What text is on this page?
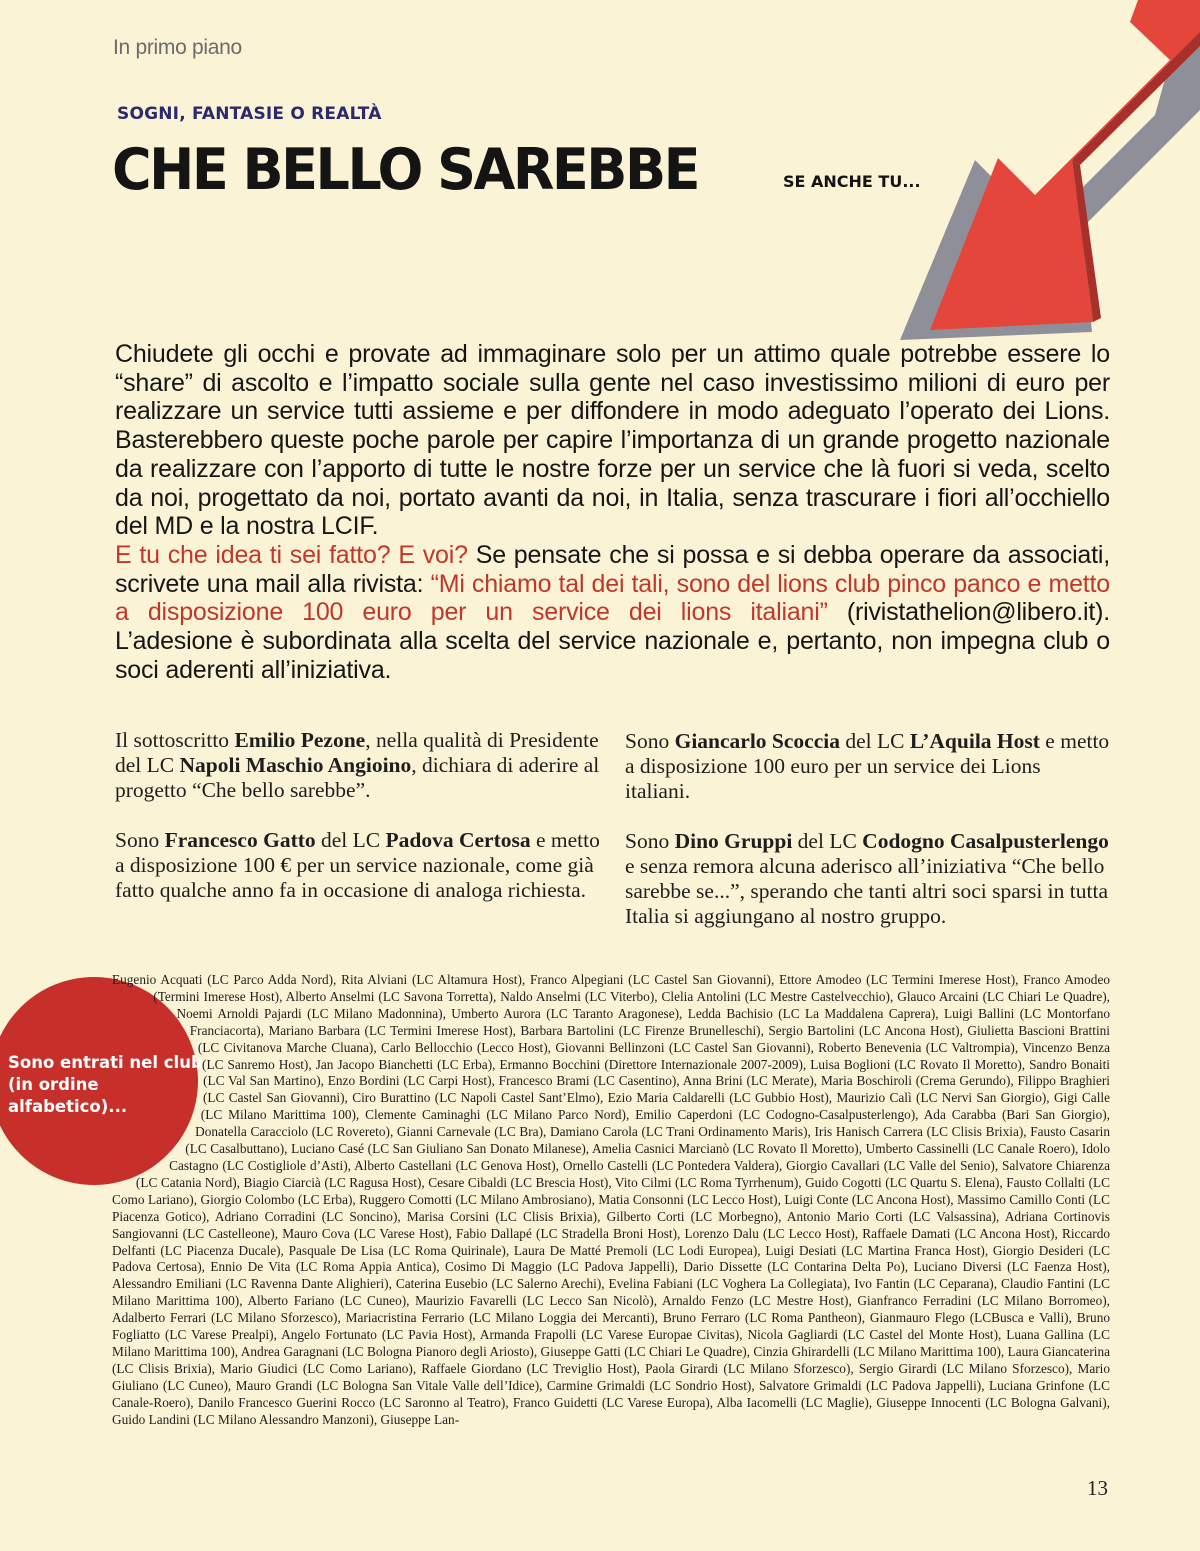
In primo piano
SOGNI, FANTASIE O REALTÀ
CHE BELLO SAREBBE	SE ANCHE TU...

Chiudete gli occhi e provate ad immaginare solo per un attimo quale potrebbe essere lo “share” di ascolto e l’impatto sociale sulla gente nel caso investissimo milioni di euro per realizzare un service tutti assieme e per diffondere in modo adeguato l’operato dei Lions. Basterebbero queste poche parole per capire l’importanza di un grande progetto nazionale da realizzare con l’apporto di tutte le nostre forze per un service che là fuori si veda, scelto da noi, progettato da noi, portato avanti da noi, in Italia, senza trascurare i fiori all’occhiello del MD e la nostra LCIF.
E tu che idea ti sei fatto? E voi? Se pensate che si possa e si debba operare da associati, scrivete una mail alla rivista: “Mi chiamo tal dei tali, sono del lions club pinco panco e metto a disposizione 100 euro per un service dei lions italiani” (rivistathelion@libero.it). L’adesione è subordinata alla scelta del service nazionale e, pertanto, non impegna club o soci aderenti all’iniziativa.

Il sottoscritto Emilio Pezone, nella qualità di Presidente del LC Napoli Maschio Angioino, dichiara di aderire al progetto “Che bello sarebbe”.

Sono Francesco Gatto del LC Padova Certosa e metto a disposizione 100 € per un service nazionale, come già fatto qualche anno fa in occasione di analoga richiesta.

Sono Giancarlo Scoccia del LC L’Aquila Host e metto a disposizione 100 euro per un service dei Lions italiani.

Sono Dino Gruppi del LC Codogno Casalpusterlengo e senza remora alcuna aderisco all’iniziativa “Che bello sarebbe se...”, sperando che tanti altri soci sparsi in tutta Italia si aggiungano al nostro gruppo.

Sono entrati nel club (in ordine alfabetico)...
Eugenio Acquati (LC Parco Adda Nord), Rita Alviani (LC Altamura Host), Franco Alpegiani (LC Castel San Giovanni), Ettore Amodeo (LC Termini Imerese Host), Franco Amodeo (Termini Imerese Host), Alberto Anselmi (LC Savona Torretta), Naldo Anselmi (LC Viterbo), Clelia Antolini (LC Mestre Castelvecchio), Glauco Arcaini (LC Chiari Le Quadre), Noemi Arnoldi Pajardi (LC Milano Madonnina), Umberto Aurora (LC Taranto Aragonese), Ledda Bachisio (LC La Maddalena Caprera), Luigi Ballini (LC Montorfano Franciacorta), Mariano Barbara (LC Termini Imerese Host), Barbara Bartolini (LC Firenze Brunelleschi), Sergio Bartolini (LC Ancona Host), Giulietta Bascioni Brattini (LC Civitanova Marche Cluana), Carlo Bellocchio (Lecco Host), Giovanni Bellinzoni (LC Castel San Giovanni), Roberto Benevenia (LC Valtrompia), Vincenzo Benza (LC Sanremo Host), Jan Jacopo Bianchetti (LC Erba), Ermanno Bocchini (Direttore Internazionale 2007-2009), Luisa Boglioni (LC Rovato Il Moretto), Sandro Bonaiti (LC Val San Martino), Enzo Bordini (LC Carpi Host), Francesco Brami (LC Casentino), Anna Brini (LC Merate), Maria Boschiroli (Crema Gerundo), Filippo Braghieri (LC Castel San Giovanni), Ciro Burattino (LC Napoli Castel Sant’Elmo), Ezio Maria Caldarelli (LC Gubbio Host), Maurizio Calì (LC Nervi San Giorgio), Gigi Calle (LC Milano Marittima 100), Clemente Caminaghi (LC Milano Parco Nord), Emilio Caperdoni (LC Codogno-Casalpusterlengo), Ada Carabba (Bari San Giorgio), Donatella Caracciolo (LC Rovereto), Gianni Carnevale (LC Bra), Damiano Carola (LC Trani Ordinamento Maris), Iris Hanisch Carrera (LC Clisis Brixia), Fausto Casarin (LC Casalbuttano), Luciano Casé (LC San Giuliano San Donato Milanese), Amelia Casnici Marcianò (LC Rovato Il Moretto), Umberto Cassinelli (LC Canale Roero), Idolo Castagno (LC Costigliole d’Asti), Alberto Castellani (LC Genova Host), Ornello Castelli (LC Pontedera Valdera), Giorgio Cavallari (LC Valle del Senio), Salvatore Chiarenza (LC Catania Nord), Biagio Ciarcià (LC Ragusa Host), Cesare Cibaldi (LC Brescia Host), Vito Cilmi (LC Roma Tyrrhenum), Guido Cogotti (LC Quartu S. Elena), Fausto Collalti (LC Como Lariano), Giorgio Colombo (LC Erba), Ruggero Comotti (LC Milano Ambrosiano), Matia Consonni (LC Lecco Host), Luigi Conte (LC Ancona Host), Massimo Camillo Conti (LC Piacenza Gotico), Adriano Corradini (LC Soncino), Marisa Corsini (LC Clisis Brixia), Gilberto Corti (LC Morbegno), Antonio Mario Corti (LC Valsassina), Adriana Cortinovis Sangiovanni (LC Castelleone), Mauro Cova (LC Varese Host), Fabio Dallapé (LC Stradella Broni Host), Lorenzo Dalu (LC Lecco Host), Raffaele Damati (LC Ancona Host), Riccardo Delfanti (LC Piacenza Ducale), Pasquale De Lisa (LC Roma Quirinale), Laura De Matté Premoli (LC Lodi Europea), Luigi Desiati (LC Martina Franca Host), Giorgio Desideri (LC Padova Certosa), Ennio De Vita (LC Roma Appia Antica), Cosimo Di Maggio (LC Padova Jappelli), Dario Dissette (LC Contarina Delta Po), Luciano Diversi (LC Faenza Host), Alessandro Emiliani (LC Ravenna Dante Alighieri), Caterina Eusebio (LC Salerno Arechi), Evelina Fabiani (LC Voghera La Collegiata), Ivo Fantin (LC Ceparana), Claudio Fantini (LC Milano Marittima 100), Alberto Fariano (LC Cuneo), Maurizio Favarelli (LC Lecco San Nicolò), Arnaldo Fenzo (LC Mestre Host), Gianfranco Ferradini (LC Milano Borromeo), Adalberto Ferrari (LC Milano Sforzesco), Mariacristina Ferrario (LC Milano Loggia dei Mercanti), Bruno Ferraro (LC Roma Pantheon), Gianmauro Flego (LCBusca e Valli), Bruno Fogliatto (LC Varese Prealpi), Angelo Fortunato (LC Pavia Host), Armanda Frapolli (LC Varese Europae Civitas), Nicola Gagliardi (LC Castel del Monte Host), Luana Gallina (LC Milano Marittima 100), Andrea Garagnani (LC Bologna Pianoro degli Ariosto), Giuseppe Gatti (LC Chiari Le Quadre), Cinzia Ghirardelli (LC Milano Marittima 100), Laura Giancaterina (LC Clisis Brixia), Mario Giudici (LC Como Lariano), Raffaele Giordano (LC Treviglio Host), Paola Girardi (LC Milano Sforzesco), Sergio Girardi (LC Milano Sforzesco), Mario Giuliano (LC Cuneo), Mauro Grandi (LC Bologna San Vitale Valle dell’Idice), Carmine Grimaldi (LC Sondrio Host), Salvatore Grimaldi (LC Padova Jappelli), Luciana Grinfone (LC Canale-Roero), Danilo Francesco Guerini Rocco (LC Saronno al Teatro), Franco Guidetti (LC Varese Europa), Alba Iacomelli (LC Maglie), Giuseppe Innocenti (LC Bologna Galvani), Guido Landini (LC Milano Alessandro Manzoni), Giuseppe Lan-
13
